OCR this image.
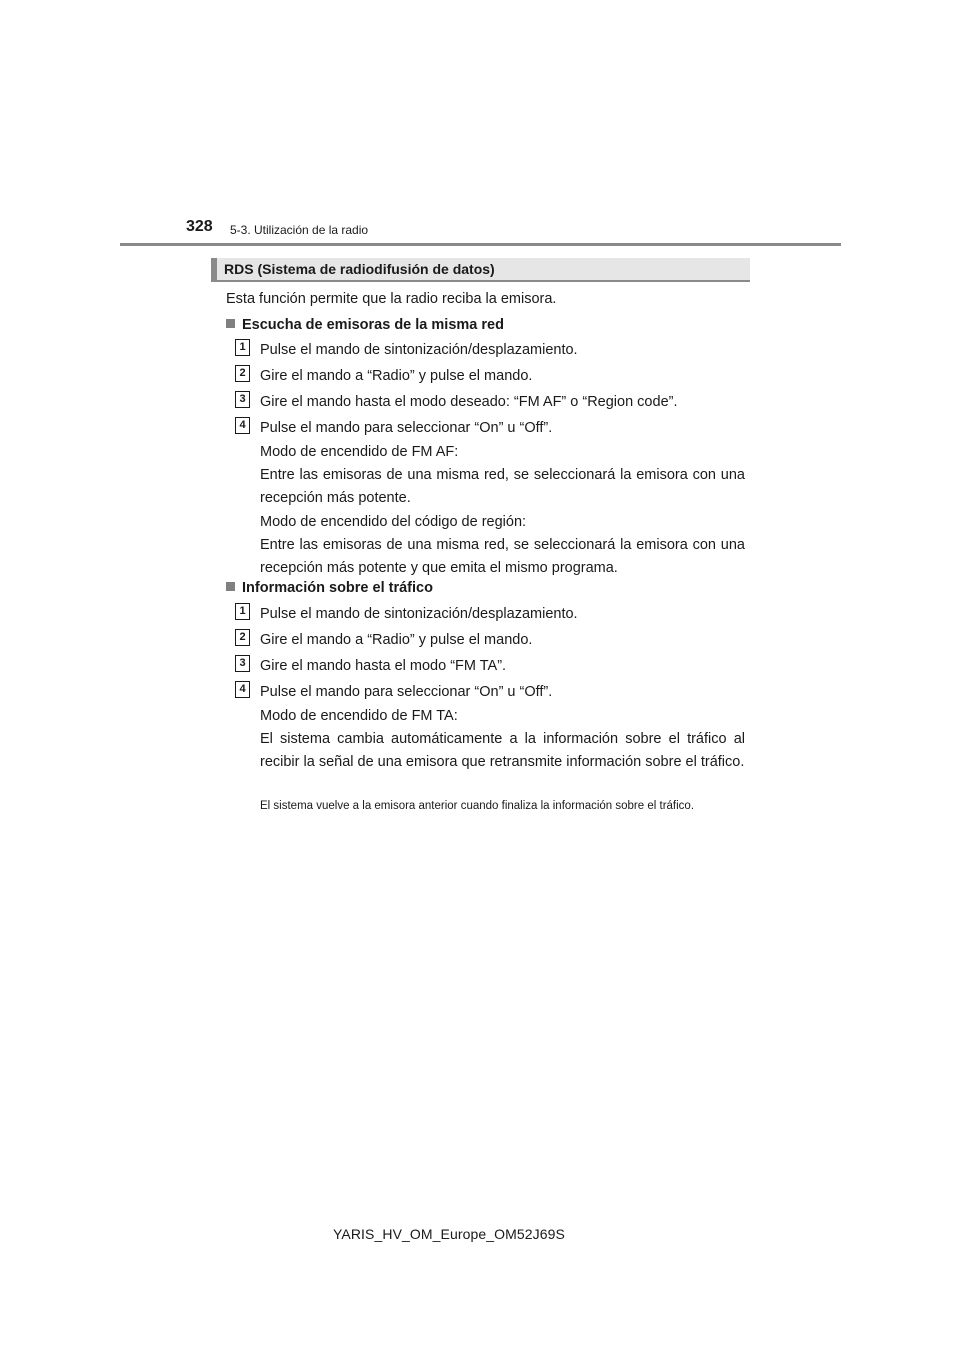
328 5-3. Utilización de la radio
RDS (Sistema de radiodifusión de datos)
Esta función permite que la radio reciba la emisora.
Escucha de emisoras de la misma red
1 Pulse el mando de sintonización/desplazamiento.
2 Gire el mando a “Radio” y pulse el mando.
3 Gire el mando hasta el modo deseado: “FM AF” o “Region code”.
4 Pulse el mando para seleccionar “On” u “Off”.
Modo de encendido de FM AF:
Entre las emisoras de una misma red, se seleccionará la emisora con una recepción más potente.
Modo de encendido del código de región:
Entre las emisoras de una misma red, se seleccionará la emisora con una recepción más potente y que emita el mismo programa.
Información sobre el tráfico
1 Pulse el mando de sintonización/desplazamiento.
2 Gire el mando a “Radio” y pulse el mando.
3 Gire el mando hasta el modo “FM TA”.
4 Pulse el mando para seleccionar “On” u “Off”.
Modo de encendido de FM TA:
El sistema cambia automáticamente a la información sobre el tráfico al recibir la señal de una emisora que retransmite información sobre el tráfico.
El sistema vuelve a la emisora anterior cuando finaliza la información sobre el tráfico.
YARIS_HV_OM_Europe_OM52J69S
